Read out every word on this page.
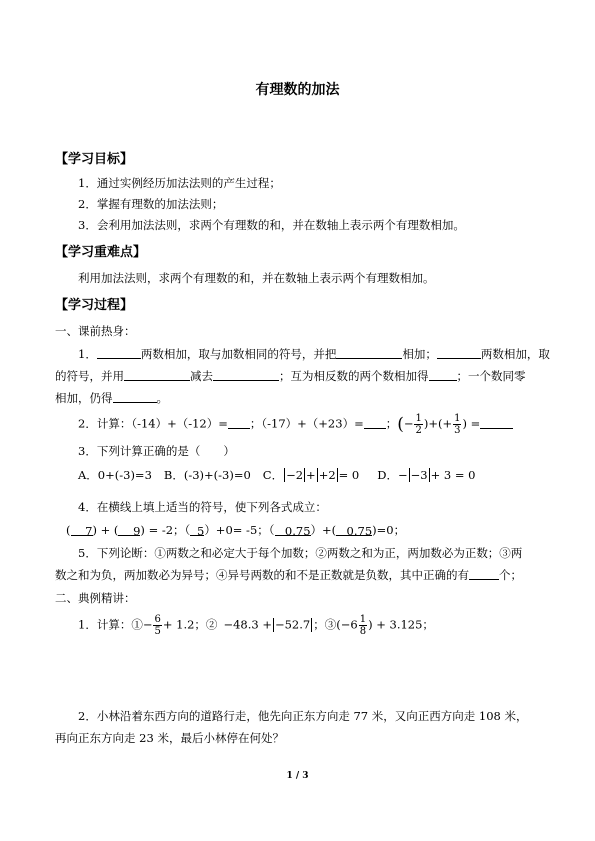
有理数的加法
【学习目标】
1．通过实例经历加法法则的产生过程；
2．掌握有理数的加法法则；
3．会利用加法法则，求两个有理数的和，并在数轴上表示两个有理数相加。
【学习重难点】
利用加法法则，求两个有理数的和，并在数轴上表示两个有理数相加。
【学习过程】
一、课前热身：
1．	两数相加，取与加数相同的符号，并把	相加；	两数相加，取
的符号，并用	减去	；互为相反数的两个数相加得 ；一个数同零
相加，仍得	。
2．计算：（-14）+（-12）= ；（-17）+（+23）= ；(− $\frac{1}{2}$ )+(+ $\frac{1}{3}$ ) =
3．下列计算正确的是（　　）
A．0+(-3)=3 B．(-3)+(-3)=0 C． −2 + +2 = 0 D．− −3 + 3 = 0
4．在横线上填上适当的符号，使下列各式成立：
( 7) + ( 9) = -2；（ 5）+0= -5；（ 0.75）+( 0.75)=0；
5．下列论断：①两数之和必定大于每个加数；②两数之和为正，两加数必为正数；③两
数之和为负，两加数必为异号；④异号两数的和不是正数就是负数，其中正确的有	个；
二、典例精讲：
1．计算：①− $\frac{6}{5} + 1.2$；② −48.3 + −52.7 ；③(−6 $\frac{1}{8}$ ) + 3.125；
2．小林沿着东西方向的道路行走，他先向正东方向走 77 米，又向正西方向走 108 米，
再向正东方向走 23 米，最后小林停在何处？
1 / 3
